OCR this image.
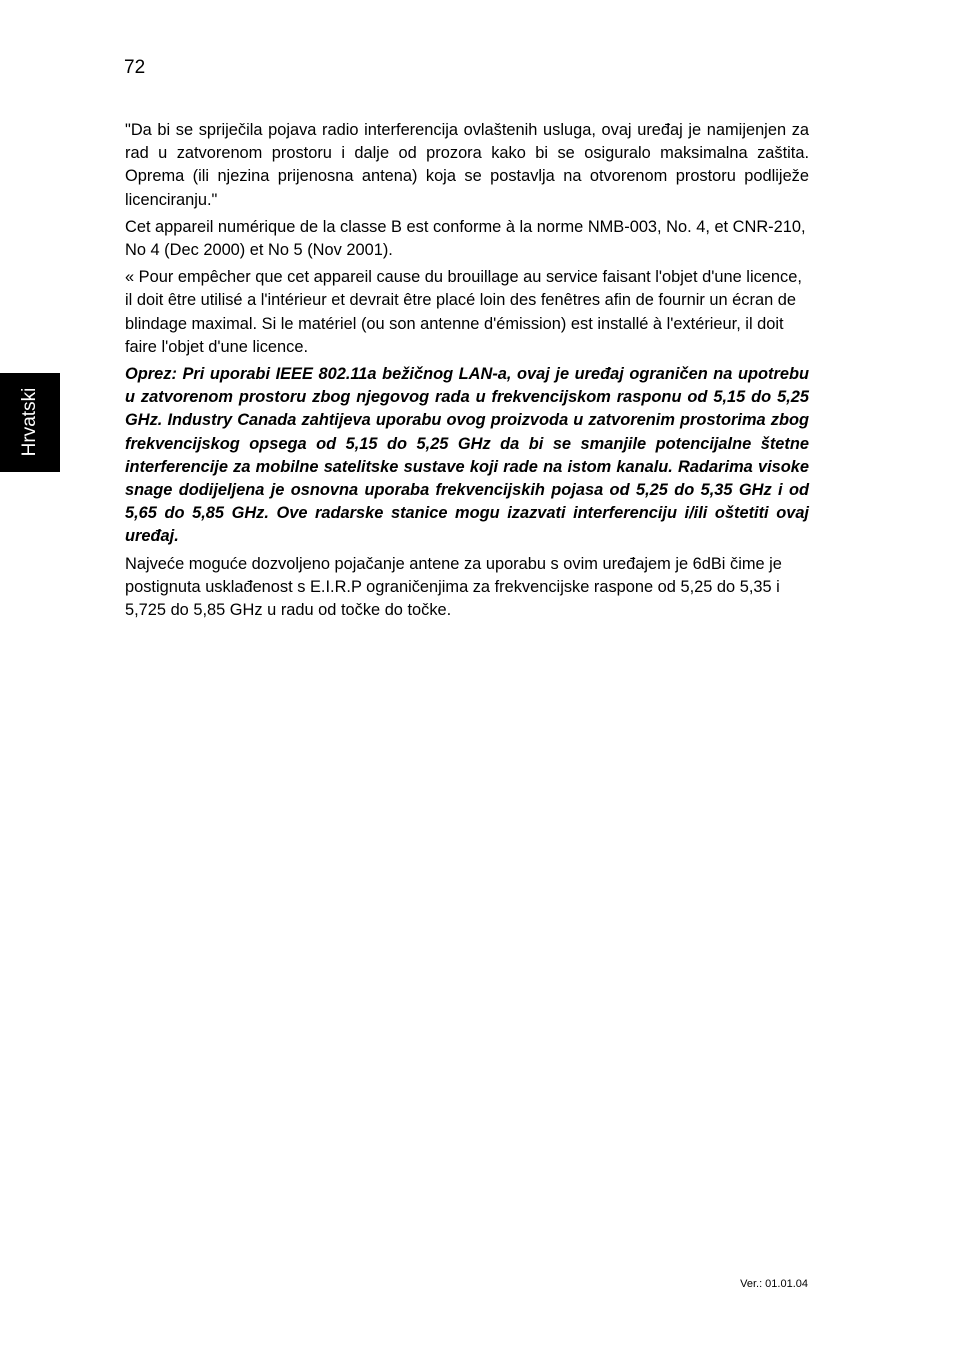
72
Hrvatski

"Da bi se spriječila pojava radio interferencija ovlaštenih usluga, ovaj uređaj je namijenjen za rad u zatvorenom prostoru i dalje od prozora kako bi se osiguralo maksimalna zaštita. Oprema (ili njezina prijenosna antena) koja se postavlja na otvorenom prostoru podliježe licenciranju."

Cet appareil numérique de la classe B est conforme à la norme NMB-003, No. 4, et CNR-210, No 4 (Dec 2000) et No 5 (Nov 2001).

« Pour empêcher que cet appareil cause du brouillage au service faisant l'objet d'une licence, il doit être utilisé a l'intérieur et devrait être placé loin des fenêtres afin de fournir un écran de blindage maximal. Si le matériel (ou son antenne d'émission) est installé à l'extérieur, il doit faire l'objet d'une licence.

Oprez: Pri uporabi IEEE 802.11a bežičnog LAN-a, ovaj je uređaj ograničen na upotrebu u zatvorenom prostoru zbog njegovog rada u frekvencijskom rasponu od 5,15 do 5,25 GHz. Industry Canada zahtijeva uporabu ovog proizvoda u zatvorenim prostorima zbog frekvencijskog opsega od 5,15 do 5,25 GHz da bi se smanjile potencijalne štetne interferencije za mobilne satelitske sustave koji rade na istom kanalu. Radarima visoke snage dodijeljena je osnovna uporaba frekvencijskih pojasa od 5,25 do 5,35 GHz i od 5,65 do 5,85 GHz. Ove radarske stanice mogu izazvati interferenciju i/ili oštetiti ovaj uređaj.

Najveće moguće dozvoljeno pojačanje antene za uporabu s ovim uređajem je 6dBi čime je postignuta usklađenost s E.I.R.P ograničenjima za frekvencijske raspone od 5,25 do 5,35 i 5,725 do 5,85 GHz u radu od točke do točke.

Ver.: 01.01.04
